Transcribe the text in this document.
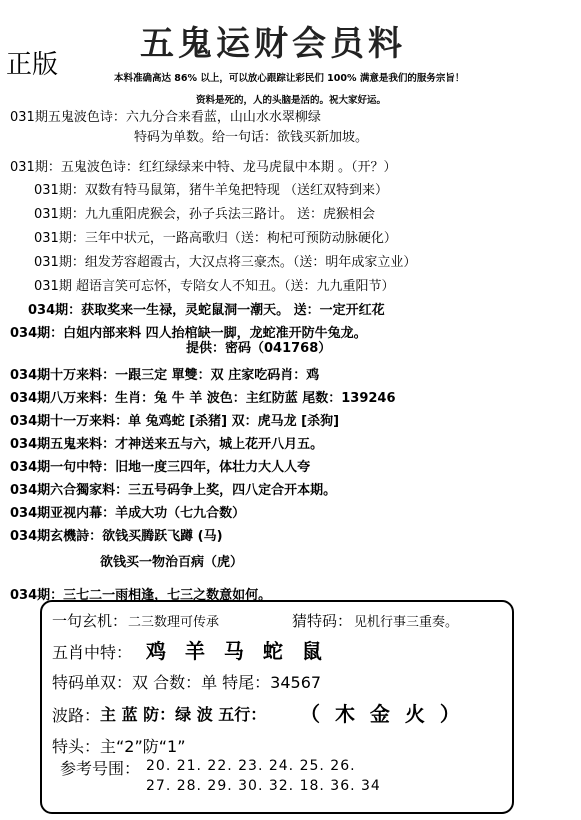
五鬼运财会员料
正版	本料准确高达 86% 以上，可以放心跟踪让彩民们 100% 满意是我们的服务宗旨！
资料是死的，人的头脑是活的。祝大家好运。
031期五鬼波色诗：六九分合来看蓝，山山水水翠柳绿
特码为单数。给一句话：欲钱买新加坡。
031期：五鬼波色诗：红红绿绿来中特、龙马虎鼠中本期 。（开？）
031期：双数有特马鼠第，猪牛羊兔把特现 （送红双特到来）
031期：九九重阳虎猴会，孙子兵法三路计。 送：虎猴相会
031期：三年中状元，一路高歌归（送：枸杞可预防动脉硬化）
031期：组发芳容超霞古，大汉点将三豪杰。（送：明年成家立业）
031期 超语言笑可忘怀，专陪女人不知丑。（送：九九重阳节）
034期：获取奖来一生禄，灵蛇鼠洞一潮天。 送：一定开红花
034期：白姐内部来料 四人抬棺缺一脚，龙蛇准开防牛兔龙。
提供：密码（041768）
034期十万来料：一跟三定 單雙：双 庄家吃码肖：鸡
034期八万来料：生肖：兔 牛 羊 波色：主红防蓝 尾数：139246
034期十一万来料：单 兔鸡蛇 [杀猪] 双：虎马龙 [杀狗]
034期五鬼来料：才神送来五与六，城上花开八月五。
034期一句中特：旧地一度三四年，体壮力大人人夸
034期六合獨家料：三五号码争上奖，四八定合开本期。
034期亚视内幕：羊成大功（七九合数）
034期玄機詩：欲钱买腾跃飞蹲 (马)
欲钱买一物治百病（虎）
034期：三七二一雨相逢，七三之数意如何。
一句玄机： 二三数理可传承	猜特码： 见机行事三重奏。
五肖中特： 鸡 羊 马 蛇 鼠
特码单双：双 合数：单 特尾：34567
波路： 主 蓝 防：绿 波 五行： （ 木 金 火 ）
特头：主“2”防“1”
参考号围： 20. 21. 22. 23. 24. 25. 26.
27. 28. 29. 30. 32. 18. 36. 34
